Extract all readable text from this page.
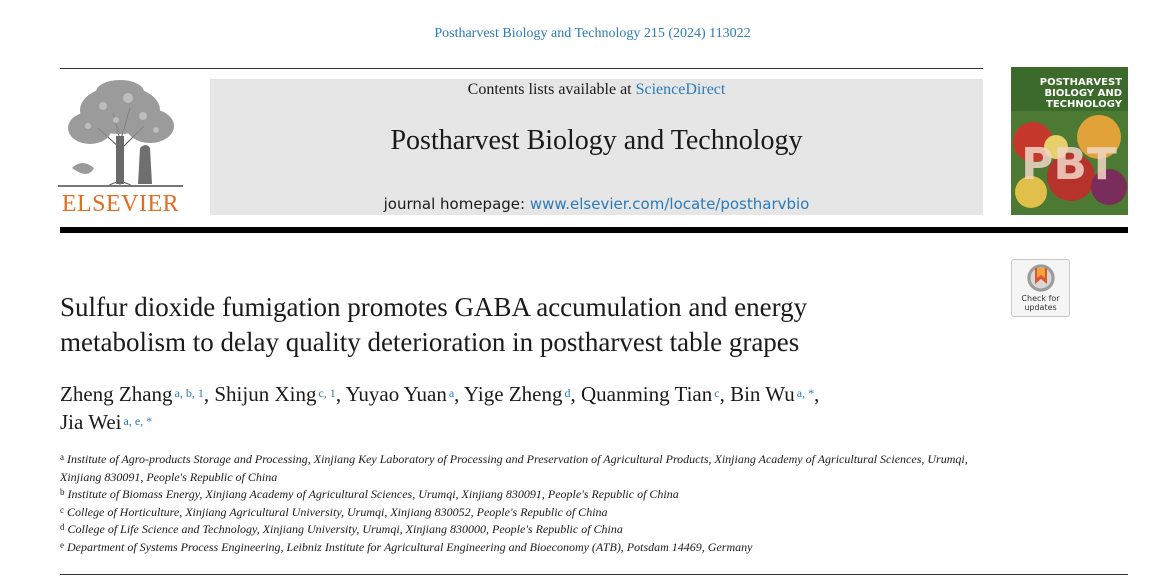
Postharvest Biology and Technology 215 (2024) 113022
ELSEVIER
Contents lists available at ScienceDirect
Postharvest Biology and Technology
journal homepage: www.elsevier.com/locate/postharvbio
PBT
POSTHARVEST
BIOLOGY AND
TECHNOLOGY
Check for
updates
Sulfur dioxide fumigation promotes GABA accumulation and energy
metabolism to delay quality deterioration in postharvest table grapes
Zheng Zhang $^{a, b, 1}$, Shijun Xing $^{c, 1}$, Yuyao Yuan $^a$, Yige Zheng $^d$, Quanming Tian $^c$, Bin Wu $^{a, *}$,
Jia Wei $^{a, e, *}$
$^a$ Institute of Agro-products Storage and Processing, Xinjiang Key Laboratory of Processing and Preservation of Agricultural Products, Xinjiang Academy of Agricultural Sciences, Urumqi, Xinjiang 830091, People's Republic of China
$^b$ Institute of Biomass Energy, Xinjiang Academy of Agricultural Sciences, Urumqi, Xinjiang 830091, People's Republic of China
$^c$ College of Horticulture, Xinjiang Agricultural University, Urumqi, Xinjiang 830052, People's Republic of China
$^d$ College of Life Science and Technology, Xinjiang University, Urumqi, Xinjiang 830000, People's Republic of China
$^e$ Department of Systems Process Engineering, Leibniz Institute for Agricultural Engineering and Bioeconomy (ATB), Potsdam 14469, Germany
